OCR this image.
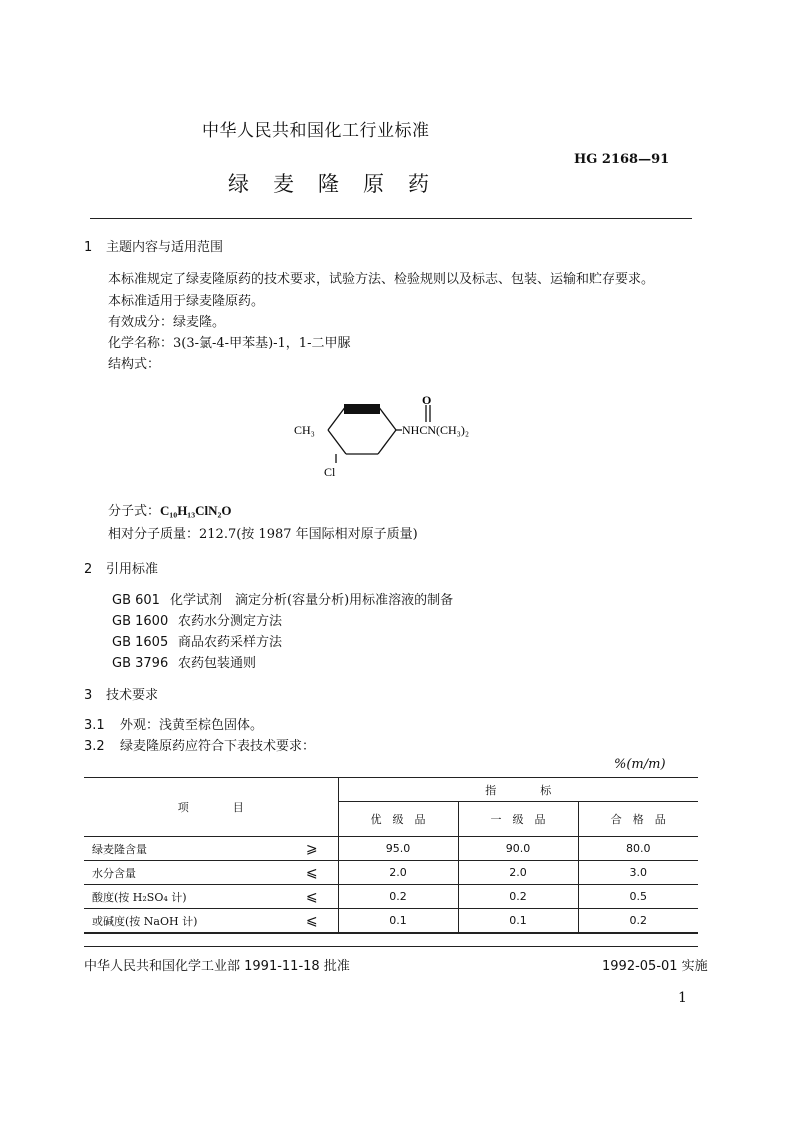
中华人民共和国化工行业标准
HG 2168—91
绿麦隆原药
1 主题内容与适用范围
本标准规定了绿麦隆原药的技术要求，试验方法、检验规则以及标志、包装、运输和贮存要求。
本标准适用于绿麦隆原药。
有效成分：绿麦隆。
化学名称：3(3-氯-4-甲苯基)-1，1-二甲脲
结构式：
CH₃
Cl
O
NHCN(CH₃)₂
分子式：C₁₀H₁₃ClN₂O
相对分子质量：212.7(按 1987 年国际相对原子质量)
2 引用标准
GB 601 化学试剂　滴定分析(容量分析)用标准溶液的制备
GB 1600 农药水分测定方法
GB 1605 商品农药采样方法
GB 3796 农药包装通则
3 技术要求
3.1 外观：浅黄至棕色固体。
3.2 绿麦隆原药应符合下表技术要求：
%(m/m)
项　　　　目		指　　　　标		
		优　级　品	一　级　品	合　格　品
绿麦隆含量	⩾	95.0	90.0	80.0
水分含量	⩽	2.0	2.0	3.0
酸度(按 H₂SO₄ 计)	⩽	0.2	0.2	0.5
或碱度(按 NaOH 计)	⩽	0.1	0.1	0.2
中华人民共和国化学工业部 1991-11-18 批准	1992-05-01 实施
1
